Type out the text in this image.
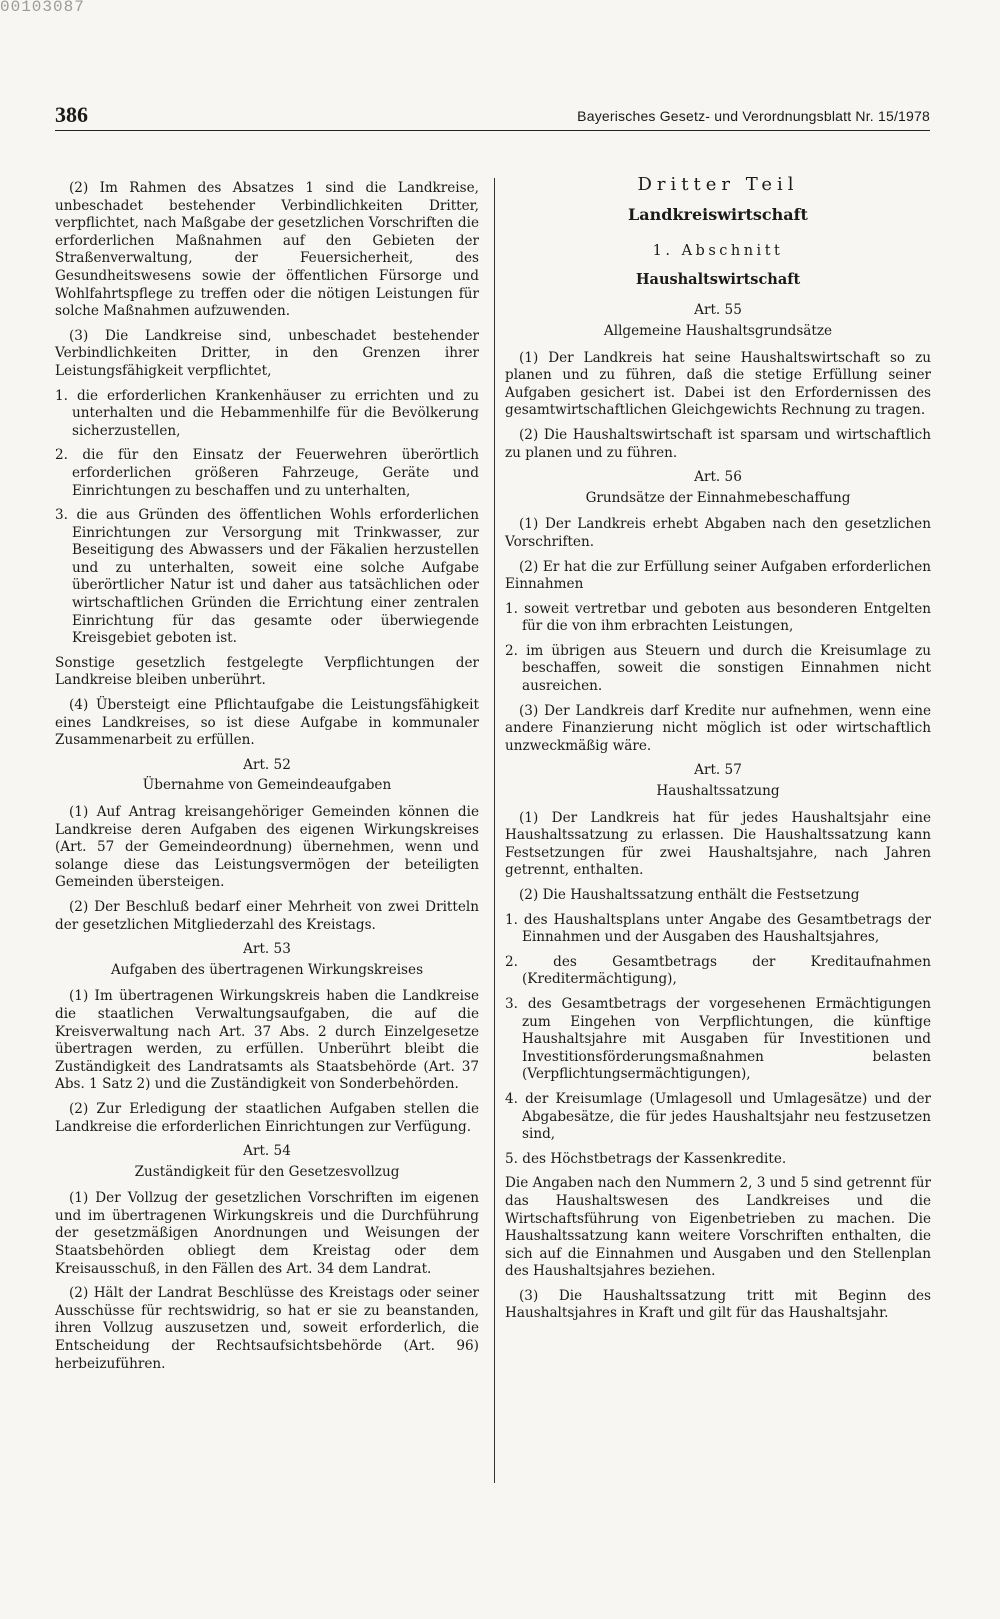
00103087
386	Bayerisches Gesetz- und Verordnungsblatt Nr. 15/1978

(2) Im Rahmen des Absatzes 1 sind die Landkreise, unbeschadet bestehender Verbindlichkeiten Dritter, verpflichtet, nach Maßgabe der gesetzlichen Vorschriften die erforderlichen Maßnahmen auf den Gebieten der Straßenverwaltung, der Feuersicherheit, des Gesundheitswesens sowie der öffentlichen Fürsorge und Wohlfahrtspflege zu treffen oder die nötigen Leistungen für solche Maßnahmen aufzuwenden.

(3) Die Landkreise sind, unbeschadet bestehender Verbindlichkeiten Dritter, in den Grenzen ihrer Leistungsfähigkeit verpflichtet,

1. die erforderlichen Krankenhäuser zu errichten und zu unterhalten und die Hebammenhilfe für die Bevölkerung sicherzustellen,

2. die für den Einsatz der Feuerwehren überörtlich erforderlichen größeren Fahrzeuge, Geräte und Einrichtungen zu beschaffen und zu unterhalten,

3. die aus Gründen des öffentlichen Wohls erforderlichen Einrichtungen zur Versorgung mit Trinkwasser, zur Beseitigung des Abwassers und der Fäkalien herzustellen und zu unterhalten, soweit eine solche Aufgabe überörtlicher Natur ist und daher aus tatsächlichen oder wirtschaftlichen Gründen die Errichtung einer zentralen Einrichtung für das gesamte oder überwiegende Kreisgebiet geboten ist.

Sonstige gesetzlich festgelegte Verpflichtungen der Landkreise bleiben unberührt.

(4) Übersteigt eine Pflichtaufgabe die Leistungsfähigkeit eines Landkreises, so ist diese Aufgabe in kommunaler Zusammenarbeit zu erfüllen.

Art. 52

Übernahme von Gemeindeaufgaben

(1) Auf Antrag kreisangehöriger Gemeinden können die Landkreise deren Aufgaben des eigenen Wirkungskreises (Art. 57 der Gemeindeordnung) übernehmen, wenn und solange diese das Leistungsvermögen der beteiligten Gemeinden übersteigen.

(2) Der Beschluß bedarf einer Mehrheit von zwei Dritteln der gesetzlichen Mitgliederzahl des Kreistags.

Art. 53

Aufgaben des übertragenen Wirkungskreises

(1) Im übertragenen Wirkungskreis haben die Landkreise die staatlichen Verwaltungsaufgaben, die auf die Kreisverwaltung nach Art. 37 Abs. 2 durch Einzelgesetze übertragen werden, zu erfüllen. Unberührt bleibt die Zuständigkeit des Landratsamts als Staatsbehörde (Art. 37 Abs. 1 Satz 2) und die Zuständigkeit von Sonderbehörden.

(2) Zur Erledigung der staatlichen Aufgaben stellen die Landkreise die erforderlichen Einrichtungen zur Verfügung.

Art. 54

Zuständigkeit für den Gesetzesvollzug

(1) Der Vollzug der gesetzlichen Vorschriften im eigenen und im übertragenen Wirkungskreis und die Durchführung der gesetzmäßigen Anordnungen und Weisungen der Staatsbehörden obliegt dem Kreistag oder dem Kreisausschuß, in den Fällen des Art. 34 dem Landrat.

(2) Hält der Landrat Beschlüsse des Kreistags oder seiner Ausschüsse für rechtswidrig, so hat er sie zu beanstanden, ihren Vollzug auszusetzen und, soweit erforderlich, die Entscheidung der Rechtsaufsichtsbehörde (Art. 96) herbeizuführen.

Dritter Teil

Landkreiswirtschaft

1. Abschnitt

Haushaltswirtschaft

Art. 55

Allgemeine Haushaltsgrundsätze

(1) Der Landkreis hat seine Haushaltswirtschaft so zu planen und zu führen, daß die stetige Erfüllung seiner Aufgaben gesichert ist. Dabei ist den Erfordernissen des gesamtwirtschaftlichen Gleichgewichts Rechnung zu tragen.

(2) Die Haushaltswirtschaft ist sparsam und wirtschaftlich zu planen und zu führen.

Art. 56

Grundsätze der Einnahmebeschaffung

(1) Der Landkreis erhebt Abgaben nach den gesetzlichen Vorschriften.

(2) Er hat die zur Erfüllung seiner Aufgaben erforderlichen Einnahmen

1. soweit vertretbar und geboten aus besonderen Entgelten für die von ihm erbrachten Leistungen,

2. im übrigen aus Steuern und durch die Kreisumlage zu beschaffen, soweit die sonstigen Einnahmen nicht ausreichen.

(3) Der Landkreis darf Kredite nur aufnehmen, wenn eine andere Finanzierung nicht möglich ist oder wirtschaftlich unzweckmäßig wäre.

Art. 57

Haushaltssatzung

(1) Der Landkreis hat für jedes Haushaltsjahr eine Haushaltssatzung zu erlassen. Die Haushaltssatzung kann Festsetzungen für zwei Haushaltsjahre, nach Jahren getrennt, enthalten.

(2) Die Haushaltssatzung enthält die Festsetzung

1. des Haushaltsplans unter Angabe des Gesamtbetrags der Einnahmen und der Ausgaben des Haushaltsjahres,

2. des Gesamtbetrags der Kreditaufnahmen (Kreditermächtigung),

3. des Gesamtbetrags der vorgesehenen Ermächtigungen zum Eingehen von Verpflichtungen, die künftige Haushaltsjahre mit Ausgaben für Investitionen und Investitionsförderungsmaßnahmen belasten (Verpflichtungsermächtigungen),

4. der Kreisumlage (Umlagesoll und Umlagesätze) und der Abgabesätze, die für jedes Haushaltsjahr neu festzusetzen sind,

5. des Höchstbetrags der Kassenkredite.

Die Angaben nach den Nummern 2, 3 und 5 sind getrennt für das Haushaltswesen des Landkreises und die Wirtschaftsführung von Eigenbetrieben zu machen. Die Haushaltssatzung kann weitere Vorschriften enthalten, die sich auf die Einnahmen und Ausgaben und den Stellenplan des Haushaltsjahres beziehen.

(3) Die Haushaltssatzung tritt mit Beginn des Haushaltsjahres in Kraft und gilt für das Haushaltsjahr.
